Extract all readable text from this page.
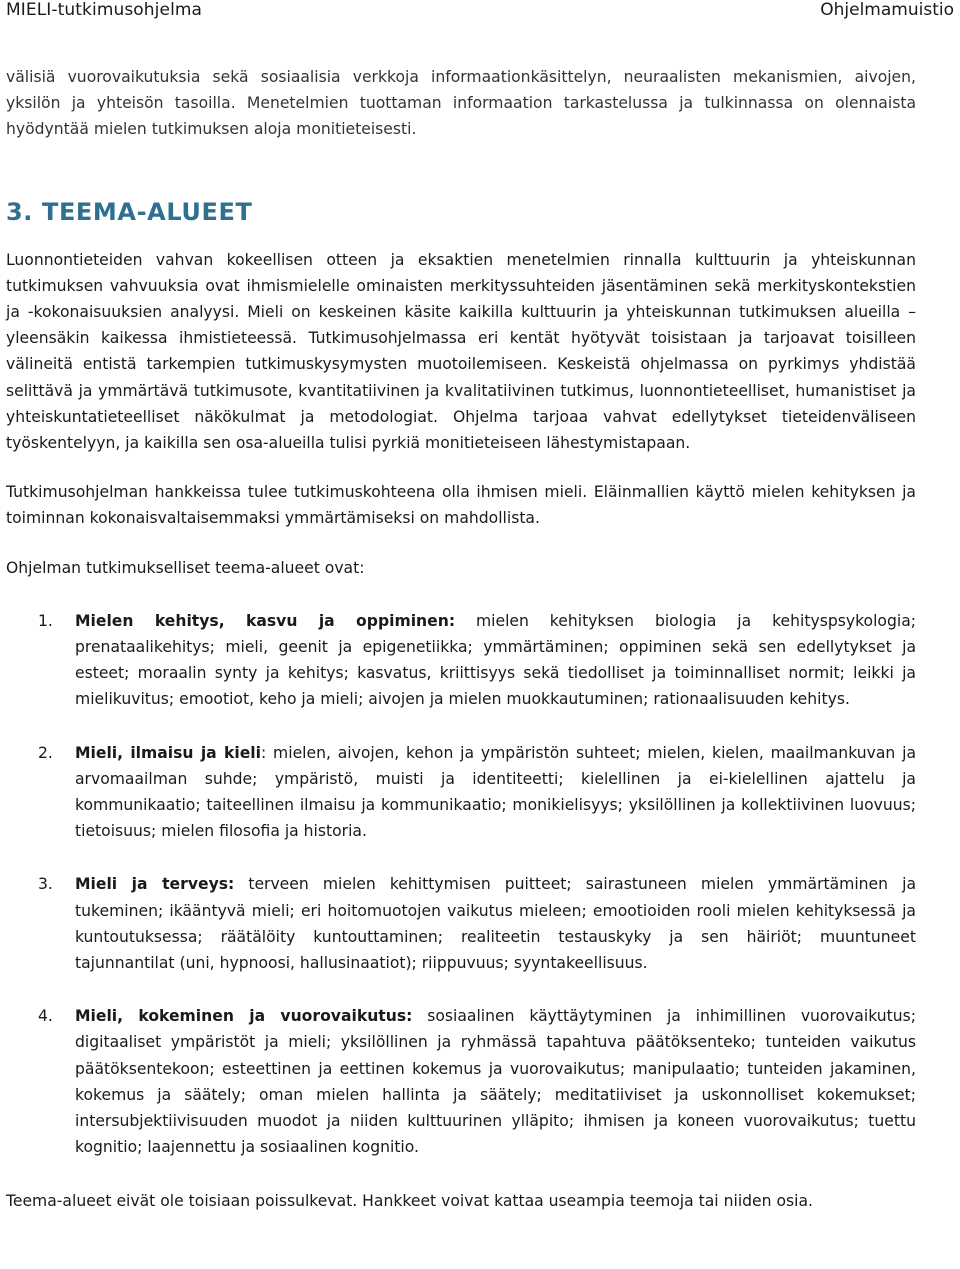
MIELI-tutkimusohjelma	Ohjelmamuistio

välisiä vuorovaikutuksia sekä sosiaalisia verkkoja informaationkäsittelyn, neuraalisten mekanismien, aivojen, yksilön ja yhteisön tasoilla. Menetelmien tuottaman informaation tarkastelussa ja tulkinnassa on olennaista hyödyntää mielen tutkimuksen aloja monitieteisesti.

3. TEEMA-ALUEET

Luonnontieteiden vahvan kokeellisen otteen ja eksaktien menetelmien rinnalla kulttuurin ja yhteiskunnan tutkimuksen vahvuuksia ovat ihmismielelle ominaisten merkityssuhteiden jäsentäminen sekä merkityskontekstien ja -kokonaisuuksien analyysi. Mieli on keskeinen käsite kaikilla kulttuurin ja yhteiskunnan tutkimuksen alueilla – yleensäkin kaikessa ihmistieteessä. Tutkimusohjelmassa eri kentät hyötyvät toisistaan ja tarjoavat toisilleen välineitä entistä tarkempien tutkimuskysymysten muotoilemiseen. Keskeistä ohjelmassa on pyrkimys yhdistää selittävä ja ymmärtävä tutkimusote, kvantitatiivinen ja kvalitatiivinen tutkimus, luonnontieteelliset, humanistiset ja yhteiskuntatieteelliset näkökulmat ja metodologiat. Ohjelma tarjoaa vahvat edellytykset tieteidenväliseen työskentelyyn, ja kaikilla sen osa-alueilla tulisi pyrkiä monitieteiseen lähestymistapaan.

Tutkimusohjelman hankkeissa tulee tutkimuskohteena olla ihmisen mieli. Eläinmallien käyttö mielen kehityksen ja toiminnan kokonaisvaltaisemmaksi ymmärtämiseksi on mahdollista.

Ohjelman tutkimukselliset teema-alueet ovat:

1. Mielen kehitys, kasvu ja oppiminen: mielen kehityksen biologia ja kehityspsykologia; prenataalikehitys; mieli, geenit ja epigenetiikka; ymmärtäminen; oppiminen sekä sen edellytykset ja esteet; moraalin synty ja kehitys; kasvatus, kriittisyys sekä tiedolliset ja toiminnalliset normit; leikki ja mielikuvitus; emootiot, keho ja mieli; aivojen ja mielen muokkautuminen; rationaalisuuden kehitys.

2. Mieli, ilmaisu ja kieli: mielen, aivojen, kehon ja ympäristön suhteet; mielen, kielen, maailmankuvan ja arvomaailman suhde; ympäristö, muisti ja identiteetti; kielellinen ja ei-kielellinen ajattelu ja kommunikaatio; taiteellinen ilmaisu ja kommunikaatio; monikielisyys; yksilöllinen ja kollektiivinen luovuus; tietoisuus; mielen filosofia ja historia.

3. Mieli ja terveys: terveen mielen kehittymisen puitteet; sairastuneen mielen ymmärtäminen ja tukeminen; ikääntyvä mieli; eri hoitomuotojen vaikutus mieleen; emootioiden rooli mielen kehityksessä ja kuntoutuksessa; räätälöity kuntouttaminen; realiteetin testauskyky ja sen häiriöt; muuntuneet tajunnantilat (uni, hypnoosi, hallusinaatiot); riippuvuus; syyntakeellisuus.

4. Mieli, kokeminen ja vuorovaikutus: sosiaalinen käyttäytyminen ja inhimillinen vuorovaikutus; digitaaliset ympäristöt ja mieli; yksilöllinen ja ryhmässä tapahtuva päätöksenteko; tunteiden vaikutus päätöksentekoon; esteettinen ja eettinen kokemus ja vuorovaikutus; manipulaatio; tunteiden jakaminen, kokemus ja säätely; oman mielen hallinta ja säätely; meditatiiviset ja uskonnolliset kokemukset; intersubjektiivisuuden muodot ja niiden kulttuurinen ylläpito; ihmisen ja koneen vuorovaikutus; tuettu kognitio; laajennettu ja sosiaalinen kognitio.

Teema-alueet eivät ole toisiaan poissulkevat. Hankkeet voivat kattaa useampia teemoja tai niiden osia.
